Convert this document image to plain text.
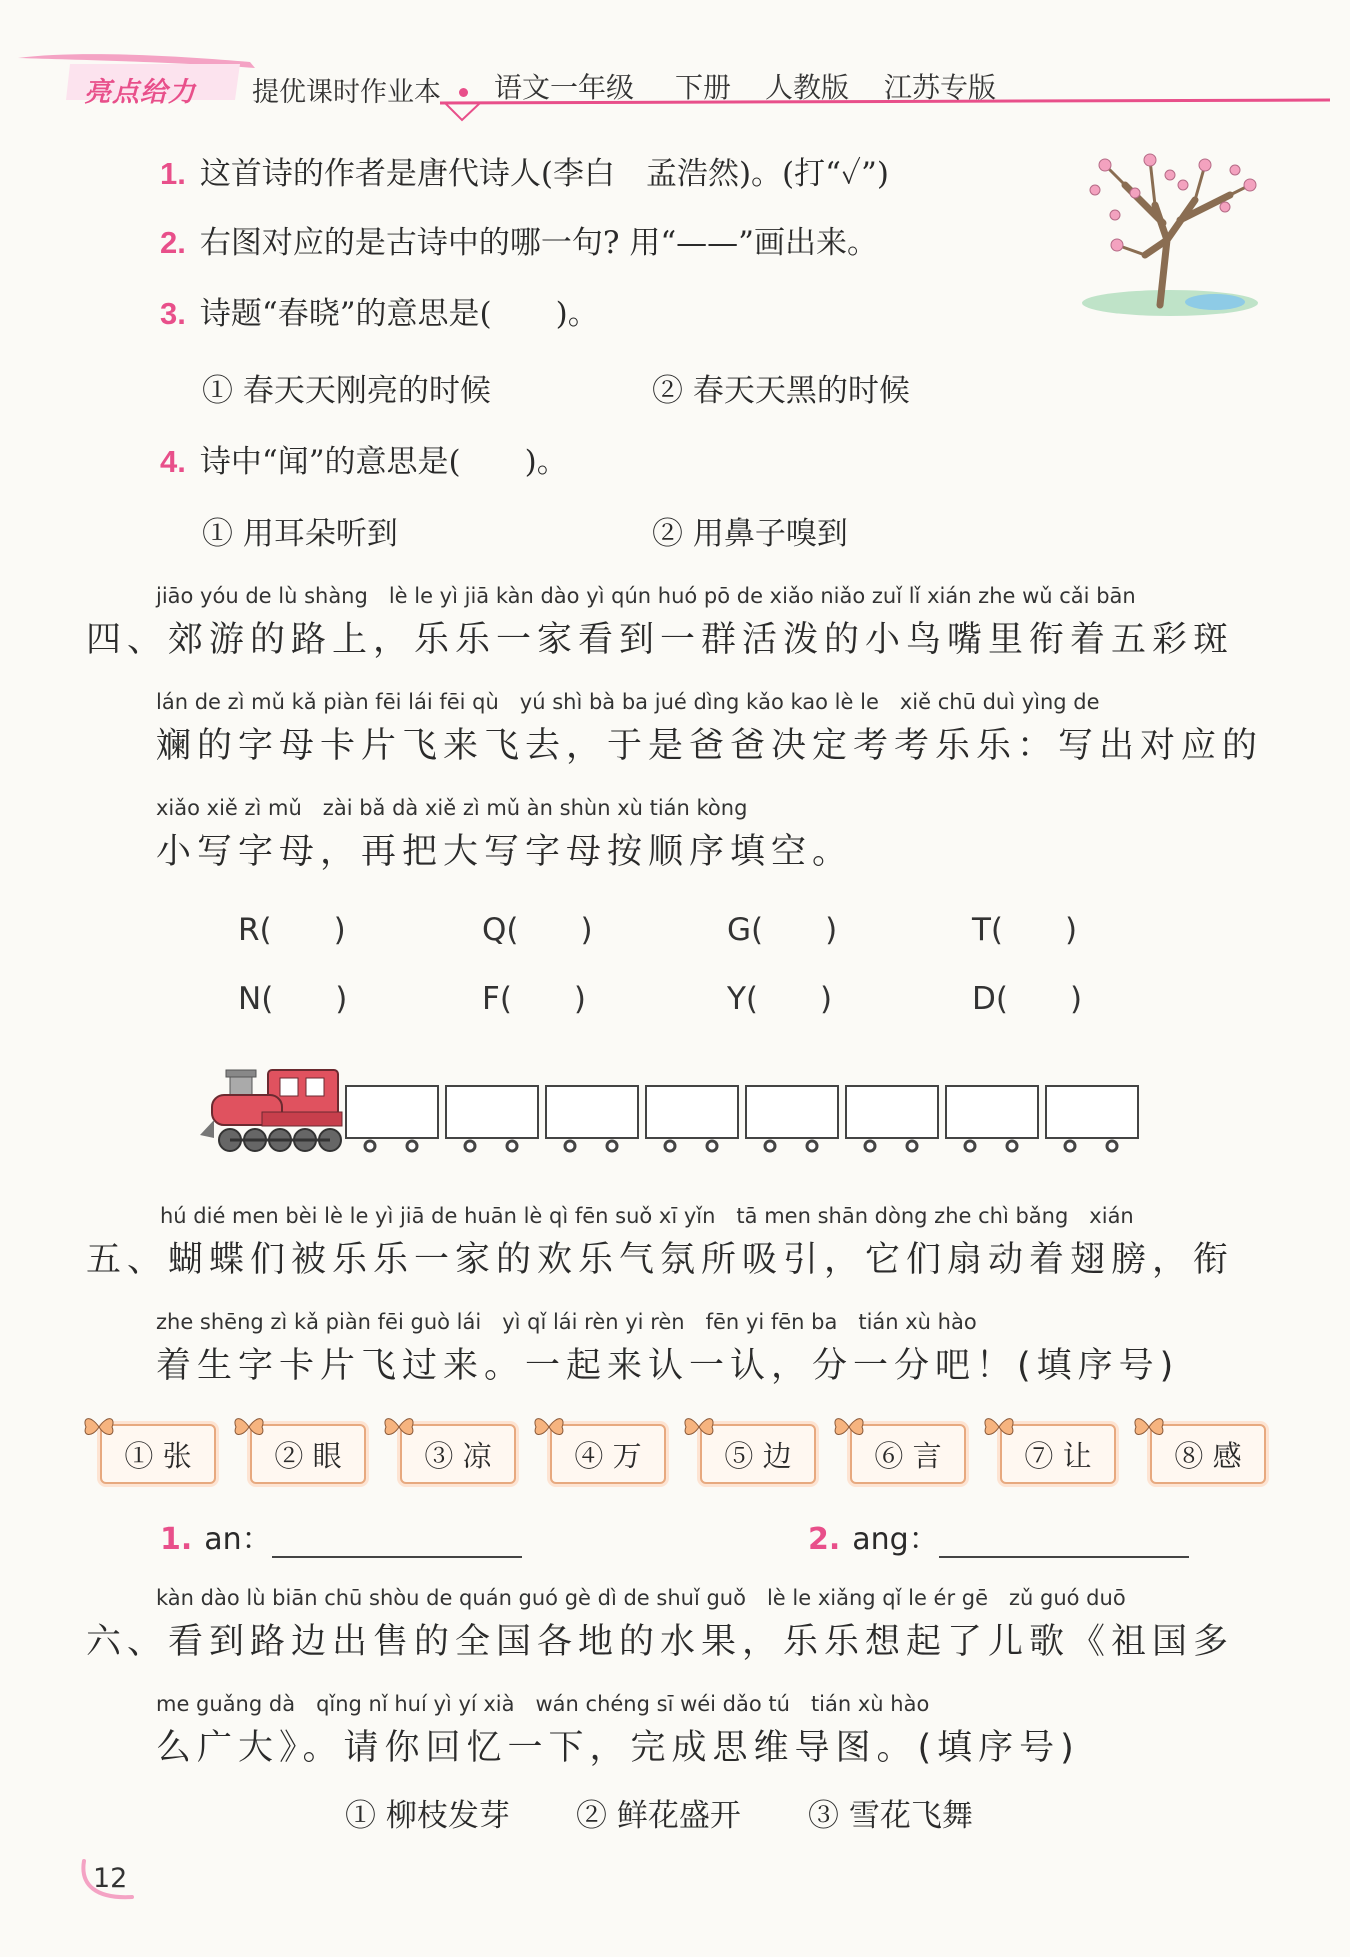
亮点给力 提优课时作业本 语文一年级 下册 人教版 江苏专版
1. 这首诗的作者是唐代诗人(李白　孟浩然)。(打“✓”)
2. 右图对应的是古诗中的哪一句? 用“——”画出来。
3. 诗题“春晓”的意思是( )。
① 春天天刚亮的时候	② 春天天黑的时候
4. 诗中“闻”的意思是( )。
① 用耳朵听到	② 用鼻子嗅到
jiāo yóu de lù shàng　lè le yì jiā kàn dào yì qún huó pō de xiǎo niǎo zuǐ lǐ xián zhe wǔ cǎi bān
四、郊游的路上，乐乐一家看到一群活泼的小鸟嘴里衔着五彩斑
lán de zì mǔ kǎ piàn fēi lái fēi qù　yú shì bà ba jué dìng kǎo kao lè le　xiě chū duì yìng de
斓的字母卡片飞来飞去，于是爸爸决定考考乐乐：写出对应的
xiǎo xiě zì mǔ　zài bǎ dà xiě zì mǔ àn shùn xù tián kòng
小写字母，再把大写字母按顺序填空。
R(　　)	Q(　　)	G(　　)	T(　　)
N(　　)	F(　　)	Y(　　)	D(　　)
hú dié men bèi lè le yì jiā de huān lè qì fēn suǒ xī yǐn　tā men shān dòng zhe chì bǎng　xián
五、蝴蝶们被乐乐一家的欢乐气氛所吸引，它们扇动着翅膀，衔
zhe shēng zì kǎ piàn fēi guò lái　yì qǐ lái rèn yi rèn　fēn yi fēn ba　tián xù hào
着生字卡片飞过来。一起来认一认，分一分吧！(填序号)
① 张	② 眼	③ 凉	④ 万	⑤ 边	⑥ 言	⑦ 让	⑧ 感
1. an：	2. ang：
kàn dào lù biān chū shòu de quán guó gè dì de shuǐ guǒ　lè le xiǎng qǐ le ér gē　zǔ guó duō
六、看到路边出售的全国各地的水果，乐乐想起了儿歌《祖国多
me guǎng dà　qǐng nǐ huí yì yí xià　wán chéng sī wéi dǎo tú　tián xù hào
么广大》。请你回忆一下，完成思维导图。(填序号)
① 柳枝发芽 ② 鲜花盛开 ③ 雪花飞舞
12
